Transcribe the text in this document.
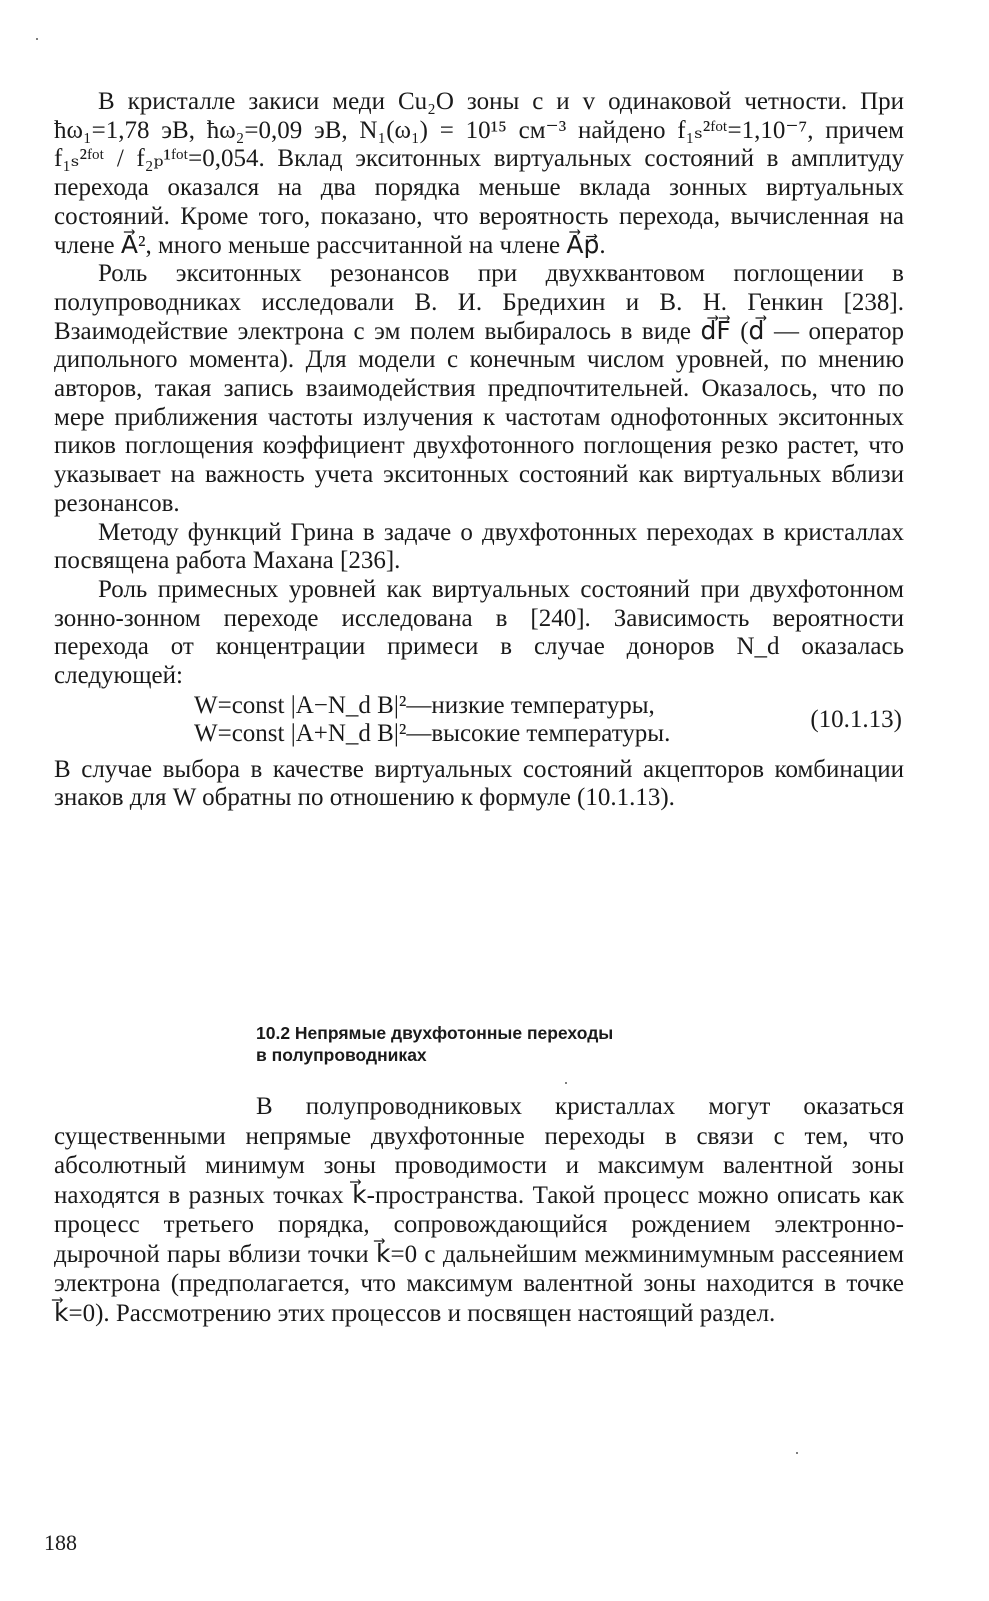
В кристалле закиси меди Cu₂O зоны c и v одинаковой четности. При ħω₁=1,78 эВ, ħω₂=0,09 эВ, N₁(ω₁) = 10¹⁵ см⁻³ найдено f₁ₛ²ᶠᵒᵗ=1,10⁻⁷, причем f₁ₛ²ᶠᵒᵗ / f₂ₚ¹ᶠᵒᵗ=0,054. Вклад экситонных виртуальных состояний в амплитуду перехода оказался на два порядка меньше вклада зонных виртуальных состояний. Кроме того, показано, что вероятность перехода, вычисленная на члене A⃗², много меньше рассчитанной на члене A⃗p⃗.

Роль экситонных резонансов при двухквантовом поглощении в полупроводниках исследовали В. И. Бредихин и В. Н. Генкин [238]. Взаимодействие электрона с эм полем выбиралось в виде d⃗F⃗ (d⃗ — оператор дипольного момента). Для модели с конечным числом уровней, по мнению авторов, такая запись взаимодействия предпочтительней. Оказалось, что по мере приближения частоты излучения к частотам однофотонных экситонных пиков поглощения коэффициент двухфотонного поглощения резко растет, что указывает на важность учета экситонных состояний как виртуальных вблизи резонансов.

Методу функций Грина в задаче о двухфотонных переходах в кристаллах посвящена работа Махана [236].

Роль примесных уровней как виртуальных состояний при двухфотонном зонно-зонном переходе исследована в [240]. Зависимость вероятности перехода от концентрации примеси в случае доноров N_d оказалась следующей:

W=const |A−N_d B|²—низкие температуры,
W=const |A+N_d B|²—высокие температуры.
(10.1.13)

В случае выбора в качестве виртуальных состояний акцепторов комбинации знаков для W обратны по отношению к формуле (10.1.13).

10.2 Непрямые двухфотонные переходы
в полупроводниках

В полупроводниковых кристаллах могут оказаться существенными непрямые двухфотонные переходы в связи с тем, что абсолютный минимум зоны проводимости и максимум валентной зоны находятся в разных точках k⃗-пространства. Такой процесс можно описать как процесс третьего порядка, сопровождающийся рождением электронно-дырочной пары вблизи точки k⃗=0 с дальнейшим межминимумным рассеянием электрона (предполагается, что максимум валентной зоны находится в точке k⃗=0). Рассмотрению этих процессов и посвящен настоящий раздел.

188
